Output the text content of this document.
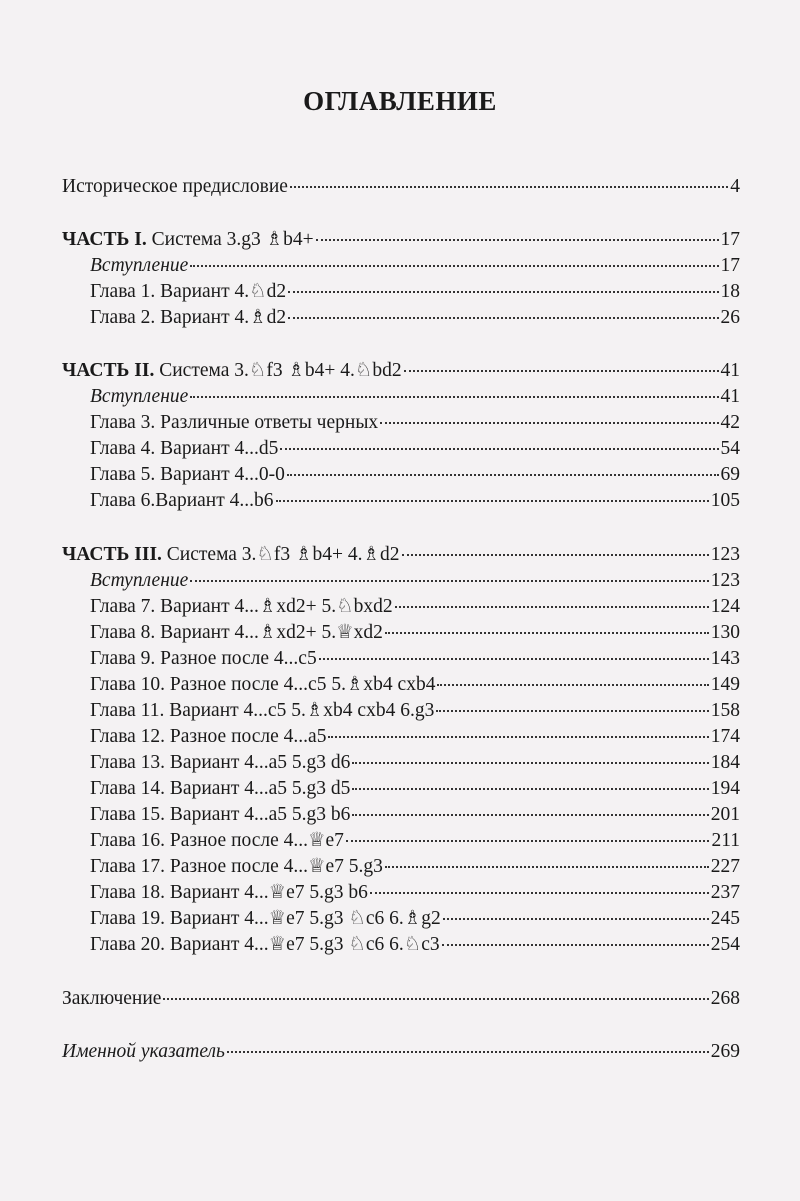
ОГЛАВЛЕНИЕ
Историческое предисловие	4
ЧАСТЬ I. Система 3.g3 ♗b4+	17
Вступление	17
Глава 1. Вариант 4.♘d2	18
Глава 2. Вариант 4.♗d2	26
ЧАСТЬ II. Система 3.♘f3 ♗b4+ 4.♘bd2	41
Вступление	41
Глава 3. Различные ответы черных	42
Глава 4. Вариант 4...d5	54
Глава 5. Вариант 4...0-0	69
Глава 6.Вариант 4...b6	105
ЧАСТЬ III. Система 3.♘f3 ♗b4+ 4.♗d2	123
Вступление	123
Глава 7. Вариант 4...♗xd2+ 5.♘bxd2	124
Глава 8. Вариант 4...♗xd2+ 5.♕xd2	130
Глава 9. Разное после 4...c5	143
Глава 10. Разное после 4...c5 5.♗xb4 cxb4	149
Глава 11. Вариант 4...c5 5.♗xb4 cxb4 6.g3	158
Глава 12. Разное после 4...a5	174
Глава 13. Вариант 4...a5 5.g3 d6	184
Глава 14. Вариант 4...a5 5.g3 d5	194
Глава 15. Вариант 4...a5 5.g3 b6	201
Глава 16. Разное после 4...♕e7	211
Глава 17. Разное после 4...♕e7 5.g3	227
Глава 18. Вариант 4...♕e7 5.g3 b6	237
Глава 19. Вариант 4...♕e7 5.g3 ♘c6 6.♗g2	245
Глава 20. Вариант 4...♕e7 5.g3 ♘c6 6.♘c3	254
Заключение	268
Именной указатель	269
